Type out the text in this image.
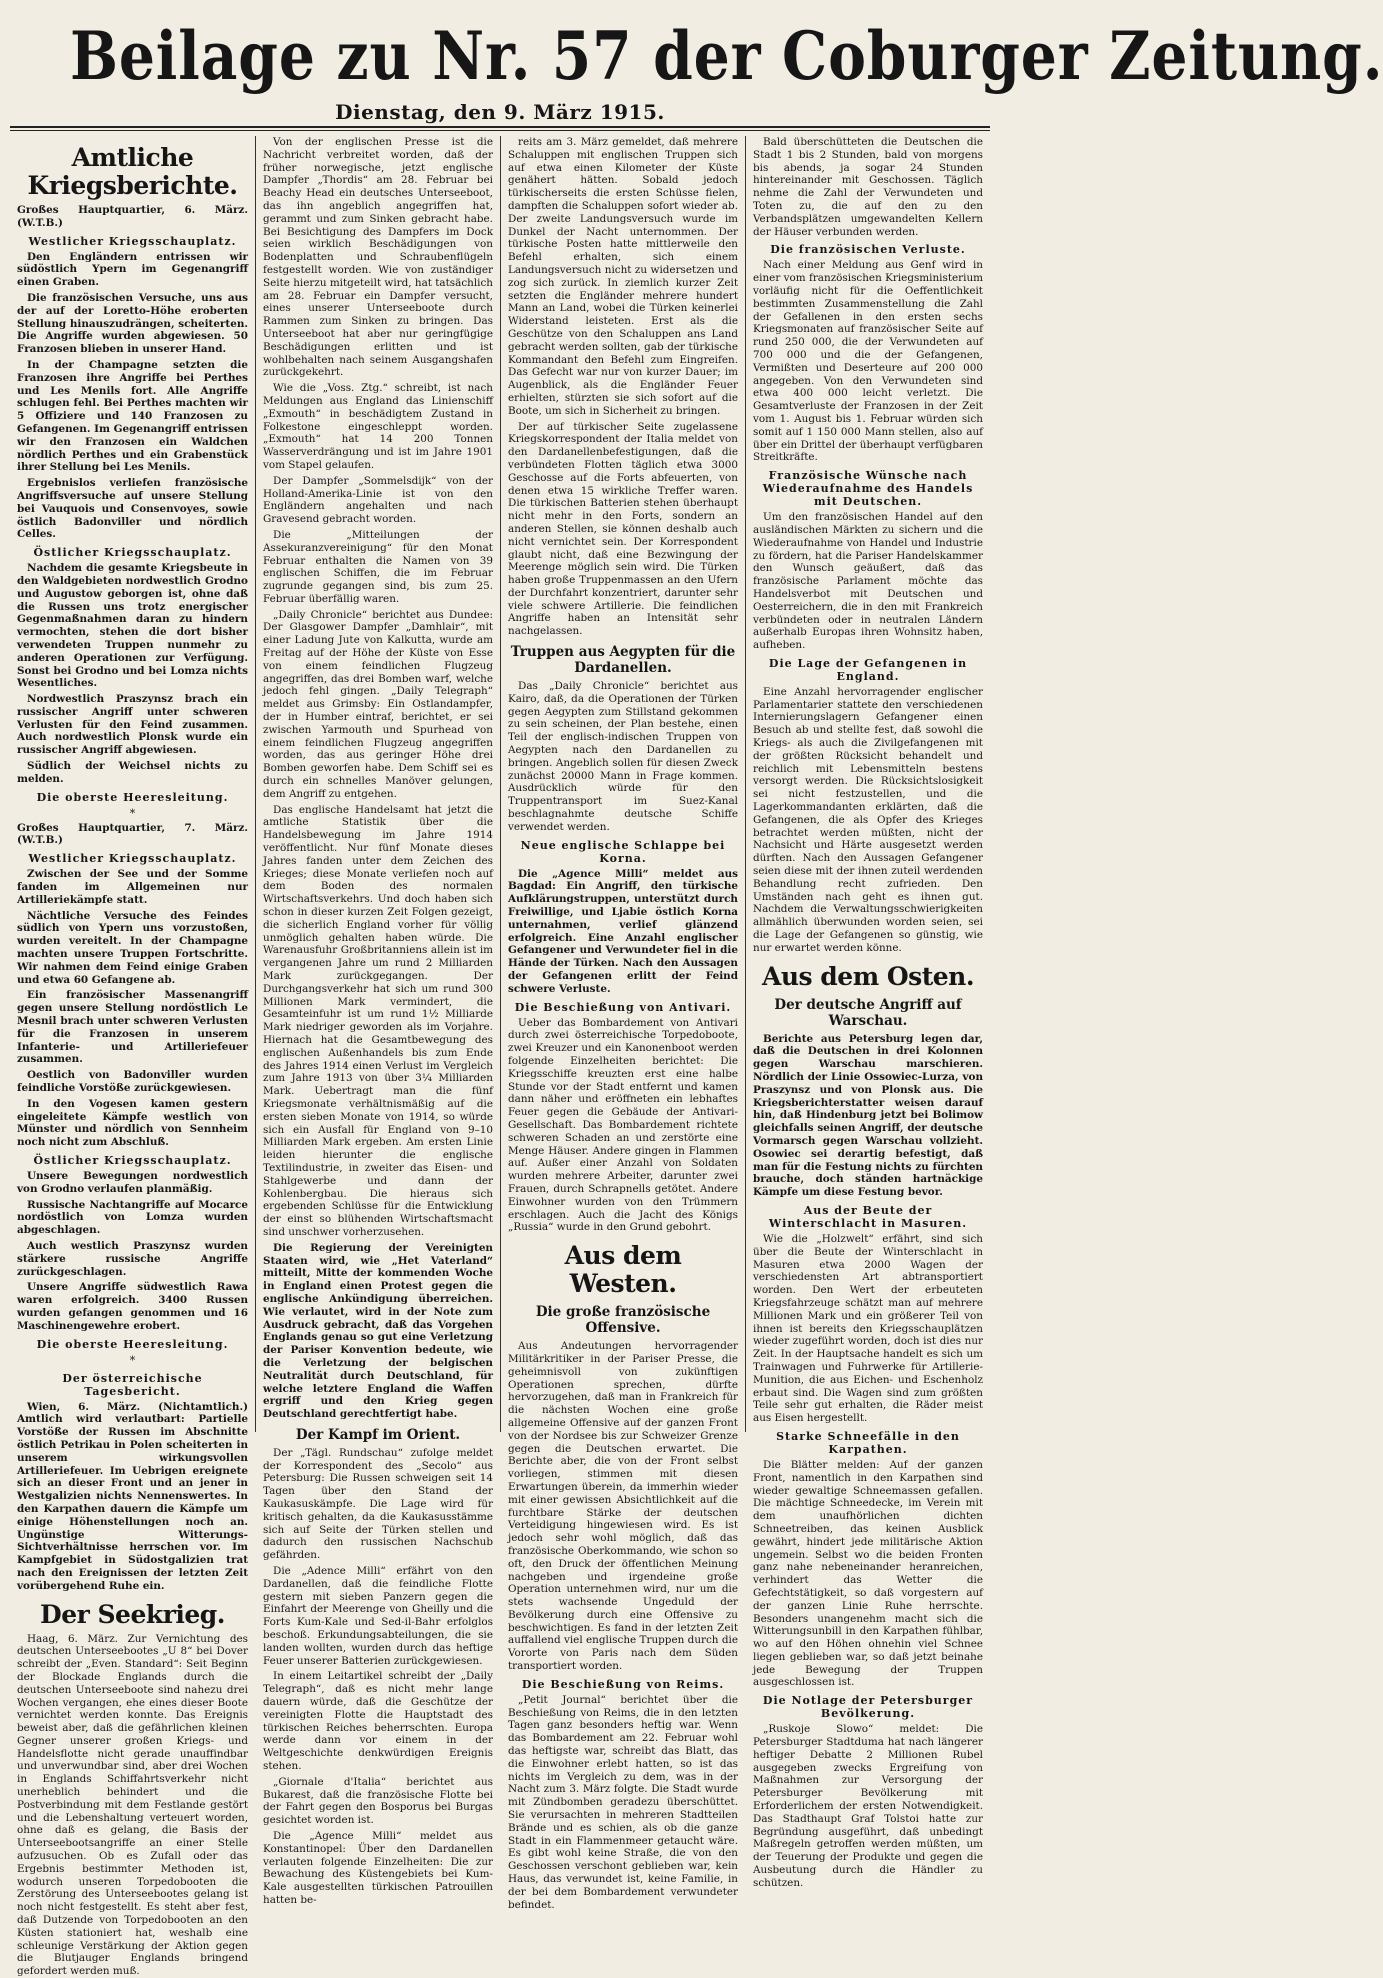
Beilage zu Nr. 57 der Coburger Zeitung.
Dienstag, den 9. März 1915.
Amtliche Kriegsberichte.

Großes Hauptquartier, 6. März. (W.T.B.)

Westlicher Kriegsschauplatz.

Den Engländern entrissen wir südöstlich Ypern im Gegenangriff einen Graben.

Die französischen Versuche, uns aus der auf der Loretto-Höhe eroberten Stellung hinauszudrängen, scheiterten. Die Angriffe wurden abgewiesen. 50 Franzosen blieben in unserer Hand.

In der Champagne setzten die Franzosen ihre Angriffe bei Perthes und Les Menils fort. Alle Angriffe schlugen fehl. Bei Perthes machten wir 5 Offiziere und 140 Franzosen zu Gefangenen. Im Gegenangriff entrissen wir den Franzosen ein Waldchen nördlich Perthes und ein Grabenstück ihrer Stellung bei Les Menils.

Ergebnislos verliefen französische Angriffsversuche auf unsere Stellung bei Vauquois und Consenvoyes, sowie östlich Badonviller und nördlich Celles.

Östlicher Kriegsschauplatz.

Nachdem die gesamte Kriegsbeute in den Waldgebieten nordwestlich Grodno und Augustow geborgen ist, ohne daß die Russen uns trotz energischer Gegenmaßnahmen daran zu hindern vermochten, stehen die dort bisher verwendeten Truppen nunmehr zu anderen Operationen zur Verfügung. Sonst bei Grodno und bei Lomza nichts Wesentliches.

Nordwestlich Praszynsz brach ein russischer Angriff unter schweren Verlusten für den Feind zusammen. Auch nordwestlich Plonsk wurde ein russischer Angriff abgewiesen.

Südlich der Weichsel nichts zu melden.

Die oberste Heeresleitung.
*

Großes Hauptquartier, 7. März. (W.T.B.)

Westlicher Kriegsschauplatz.

Zwischen der See und der Somme fanden im Allgemeinen nur Artilleriekämpfe statt.

Nächtliche Versuche des Feindes südlich von Ypern uns vorzustoßen, wurden vereitelt. In der Champagne machten unsere Truppen Fortschritte. Wir nahmen dem Feind einige Graben und etwa 60 Gefangene ab.

Ein französischer Massenangriff gegen unsere Stellung nordöstlich Le Mesnil brach unter schweren Verlusten für die Franzosen in unserem Infanterie- und Artilleriefeuer zusammen.

Oestlich von Badonviller wurden feindliche Vorstöße zurückgewiesen.

In den Vogesen kamen gestern eingeleitete Kämpfe westlich von Münster und nördlich von Sennheim noch nicht zum Abschluß.

Östlicher Kriegsschauplatz.

Unsere Bewegungen nordwestlich von Grodno verlaufen planmäßig.

Russische Nachtangriffe auf Mocarce nordöstlich von Lomza wurden abgeschlagen.

Auch westlich Praszynsz wurden stärkere russische Angriffe zurückgeschlagen.

Unsere Angriffe südwestlich Rawa waren erfolgreich. 3400 Russen wurden gefangen genommen und 16 Maschinengewehre erobert.

Die oberste Heeresleitung.
*
Der österreichische Tagesbericht.

Wien, 6. März. (Nichtamtlich.) Amtlich wird verlautbart: Partielle Vorstöße der Russen im Abschnitte östlich Petrikau in Polen scheiterten in unserem wirkungsvollen Artilleriefeuer. Im Uebrigen ereignete sich an dieser Front und an jener in Westgalizien nichts Nennenswertes. In den Karpathen dauern die Kämpfe um einige Höhenstellungen noch an. Ungünstige Witterungs-Sichtverhältnisse herrschen vor. Im Kampfgebiet in Südostgalizien trat nach den Ereignissen der letzten Zeit vorübergehend Ruhe ein.

Der Seekrieg.

Haag, 6. März. Zur Vernichtung des deutschen Unterseebootes „U 8“ bei Dover schreibt der „Even. Standard“: Seit Beginn der Blockade Englands durch die deutschen Unterseeboote sind nahezu drei Wochen vergangen, ehe eines dieser Boote vernichtet werden konnte. Das Ereignis beweist aber, daß die gefährlichen kleinen Gegner unserer großen Kriegs- und Handelsflotte nicht gerade unauffindbar und unverwundbar sind, aber drei Wochen in Englands Schiffahrtsverkehr nicht unerheblich behindert und die Postverbindung mit dem Festlande gestört und die Lebenshaltung verteuert worden, ohne daß es gelang, die Basis der Unterseebootsangriffe an einer Stelle aufzusuchen. Ob es Zufall oder das Ergebnis bestimmter Methoden ist, wodurch unseren Torpedobooten die Zerstörung des Unterseebootes gelang ist noch nicht festgestellt. Es steht aber fest, daß Dutzende von Torpedobooten an den Küsten stationiert hat, weshalb eine schleunige Verstärkung der Aktion gegen die Blutjauger Englands bringend gefordert werden muß.

Von der englischen Presse ist die Nachricht verbreitet worden, daß der früher norwegische, jetzt englische Dampfer „Thordis“ am 28. Februar bei Beachy Head ein deutsches Unterseeboot, das ihn angeblich angegriffen hat, gerammt und zum Sinken gebracht habe. Bei Besichtigung des Dampfers im Dock seien wirklich Beschädigungen von Bodenplatten und Schraubenflügeln festgestellt worden. Wie von zuständiger Seite hierzu mitgeteilt wird, hat tatsächlich am 28. Februar ein Dampfer versucht, eines unserer Unterseeboote durch Rammen zum Sinken zu bringen. Das Unterseeboot hat aber nur geringfügige Beschädigungen erlitten und ist wohlbehalten nach seinem Ausgangshafen zurückgekehrt.

Wie die „Voss. Ztg.“ schreibt, ist nach Meldungen aus England das Linienschiff „Exmouth“ in beschädigtem Zustand in Folkestone eingeschleppt worden. „Exmouth“ hat 14 200 Tonnen Wasserverdrängung und ist im Jahre 1901 vom Stapel gelaufen.

Der Dampfer „Sommelsdijk“ von der Holland-Amerika-Linie ist von den Engländern angehalten und nach Gravesend gebracht worden.

Die „Mitteilungen der Assekuranzvereinigung“ für den Monat Februar enthalten die Namen von 39 englischen Schiffen, die im Februar zugrunde gegangen sind, bis zum 25. Februar überfällig waren.

„Daily Chronicle“ berichtet aus Dundee: Der Glasgower Dampfer „Damhlair“, mit einer Ladung Jute von Kalkutta, wurde am Freitag auf der Höhe der Küste von Esse von einem feindlichen Flugzeug angegriffen, das drei Bomben warf, welche jedoch fehl gingen. „Daily Telegraph“ meldet aus Grimsby: Ein Ostlandampfer, der in Humber eintraf, berichtet, er sei zwischen Yarmouth und Spurhead von einem feindlichen Flugzeug angegriffen worden, das aus geringer Höhe drei Bomben geworfen habe. Dem Schiff sei es durch ein schnelles Manöver gelungen, dem Angriff zu entgehen.

Das englische Handelsamt hat jetzt die amtliche Statistik über die Handelsbewegung im Jahre 1914 veröffentlicht. Nur fünf Monate dieses Jahres fanden unter dem Zeichen des Krieges; diese Monate verliefen noch auf dem Boden des normalen Wirtschaftsverkehrs. Und doch haben sich schon in dieser kurzen Zeit Folgen gezeigt, die sicherlich England vorher für völlig unmöglich gehalten haben würde. Die Warenausfuhr Großbritanniens allein ist im vergangenen Jahre um rund 2 Milliarden Mark zurückgegangen. Der Durchgangsverkehr hat sich um rund 300 Millionen Mark vermindert, die Gesamteinfuhr ist um rund 1½ Milliarde Mark niedriger geworden als im Vorjahre. Hiernach hat die Gesamtbewegung des englischen Außenhandels bis zum Ende des Jahres 1914 einen Verlust im Vergleich zum Jahre 1913 von über 3¼ Milliarden Mark. Uebertragt man die fünf Kriegsmonate verhältnismäßig auf die ersten sieben Monate von 1914, so würde sich ein Ausfall für England von 9–10 Milliarden Mark ergeben. Am ersten Linie leiden hierunter die englische Textilindustrie, in zweiter das Eisen- und Stahlgewerbe und dann der Kohlenbergbau. Die hieraus sich ergebenden Schlüsse für die Entwicklung der einst so blühenden Wirtschaftsmacht sind unschwer vorherzusehen.

Die Regierung der Vereinigten Staaten wird, wie „Het Vaterland“ mitteilt, Mitte der kommenden Woche in England einen Protest gegen die englische Ankündigung überreichen. Wie verlautet, wird in der Note zum Ausdruck gebracht, daß das Vorgehen Englands genau so gut eine Verletzung der Pariser Konvention bedeute, wie die Verletzung der belgischen Neutralität durch Deutschland, für welche letztere England die Waffen ergriff und den Krieg gegen Deutschland gerechtfertigt habe.

Der Kampf im Orient.

Der „Tägl. Rundschau“ zufolge meldet der Korrespondent des „Secolo“ aus Petersburg: Die Russen schweigen seit 14 Tagen über den Stand der Kaukasuskämpfe. Die Lage wird für kritisch gehalten, da die Kaukasusstämme sich auf Seite der Türken stellen und dadurch den russischen Nachschub gefährden.

Die „Adence Milli“ erfährt von den Dardanellen, daß die feindliche Flotte gestern mit sieben Panzern gegen die Einfahrt der Meerenge von Gheilly und die Forts Kum-Kale und Sed-il-Bahr erfolglos beschoß. Erkundungsabteilungen, die sie landen wollten, wurden durch das heftige Feuer unserer Batterien zurückgewiesen.

In einem Leitartikel schreibt der „Daily Telegraph“, daß es nicht mehr lange dauern würde, daß die Geschütze der vereinigten Flotte die Hauptstadt des türkischen Reiches beherrschten. Europa werde dann vor einem in der Weltgeschichte denkwürdigen Ereignis stehen.

„Giornale d'Italia“ berichtet aus Bukarest, daß die französische Flotte bei der Fahrt gegen den Bosporus bei Burgas gesichtet worden ist.

Die „Agence Milli“ meldet aus Konstantinopel: Über den Dardanellen verlauten folgende Einzelheiten: Die zur Bewachung des Küstengebiets bei Kum-Kale ausgestellten türkischen Patrouillen hatten be-

reits am 3. März gemeldet, daß mehrere Schaluppen mit englischen Truppen sich auf etwa einen Kilometer der Küste genähert hätten. Sobald jedoch türkischerseits die ersten Schüsse fielen, dampften die Schaluppen sofort wieder ab. Der zweite Landungsversuch wurde im Dunkel der Nacht unternommen. Der türkische Posten hatte mittlerweile den Befehl erhalten, sich einem Landungsversuch nicht zu widersetzen und zog sich zurück. In ziemlich kurzer Zeit setzten die Engländer mehrere hundert Mann an Land, wobei die Türken keinerlei Widerstand leisteten. Erst als die Geschütze von den Schaluppen ans Land gebracht werden sollten, gab der türkische Kommandant den Befehl zum Eingreifen. Das Gefecht war nur von kurzer Dauer; im Augenblick, als die Engländer Feuer erhielten, stürzten sie sich sofort auf die Boote, um sich in Sicherheit zu bringen.

Der auf türkischer Seite zugelassene Kriegskorrespondent der Italia meldet von den Dardanellenbefestigungen, daß die verbündeten Flotten täglich etwa 3000 Geschosse auf die Forts abfeuerten, von denen etwa 15 wirkliche Treffer waren. Die türkischen Batterien stehen überhaupt nicht mehr in den Forts, sondern an anderen Stellen, sie können deshalb auch nicht vernichtet sein. Der Korrespondent glaubt nicht, daß eine Bezwingung der Meerenge möglich sein wird. Die Türken haben große Truppenmassen an den Ufern der Durchfahrt konzentriert, darunter sehr viele schwere Artillerie. Die feindlichen Angriffe haben an Intensität sehr nachgelassen.

Truppen aus Aegypten für die Dardanellen.

Das „Daily Chronicle“ berichtet aus Kairo, daß, da die Operationen der Türken gegen Aegypten zum Stillstand gekommen zu sein scheinen, der Plan bestehe, einen Teil der englisch-indischen Truppen von Aegypten nach den Dardanellen zu bringen. Angeblich sollen für diesen Zweck zunächst 20000 Mann in Frage kommen. Ausdrücklich würde für den Truppentransport im Suez-Kanal beschlagnahmte deutsche Schiffe verwendet werden.

Neue englische Schlappe bei Korna.

Die „Agence Milli“ meldet aus Bagdad: Ein Angriff, den türkische Aufklärungstruppen, unterstützt durch Freiwillige, und Ljabie östlich Korna unternahmen, verlief glänzend erfolgreich. Eine Anzahl englischer Gefangener und Verwundeter fiel in die Hände der Türken. Nach den Aussagen der Gefangenen erlitt der Feind schwere Verluste.

Die Beschießung von Antivari.

Ueber das Bombardement von Antivari durch zwei österreichische Torpedoboote, zwei Kreuzer und ein Kanonenboot werden folgende Einzelheiten berichtet: Die Kriegsschiffe kreuzten erst eine halbe Stunde vor der Stadt entfernt und kamen dann näher und eröffneten ein lebhaftes Feuer gegen die Gebäude der Antivari-Gesellschaft. Das Bombardement richtete schweren Schaden an und zerstörte eine Menge Häuser. Andere gingen in Flammen auf. Außer einer Anzahl von Soldaten wurden mehrere Arbeiter, darunter zwei Frauen, durch Schrapnells getötet. Andere Einwohner wurden von den Trümmern erschlagen. Auch die Jacht des Königs „Russia“ wurde in den Grund gebohrt.

Aus dem Westen.
Die große französische Offensive.

Aus Andeutungen hervorragender Militärkritiker in der Pariser Presse, die geheimnisvoll von zukünftigen Operationen sprechen, dürfte hervorzugehen, daß man in Frankreich für die nächsten Wochen eine große allgemeine Offensive auf der ganzen Front von der Nordsee bis zur Schweizer Grenze gegen die Deutschen erwartet. Die Berichte aber, die von der Front selbst vorliegen, stimmen mit diesen Erwartungen überein, da immerhin wieder mit einer gewissen Absichtlichkeit auf die furchtbare Stärke der deutschen Verteidigung hingewiesen wird. Es ist jedoch sehr wohl möglich, daß das französische Oberkommando, wie schon so oft, den Druck der öffentlichen Meinung nachgeben und irgendeine große Operation unternehmen wird, nur um die stets wachsende Ungeduld der Bevölkerung durch eine Offensive zu beschwichtigen. Es fand in der letzten Zeit auffallend viel englische Truppen durch die Vororte von Paris nach dem Süden transportiert worden.

Die Beschießung von Reims.

„Petit Journal“ berichtet über die Beschießung von Reims, die in den letzten Tagen ganz besonders heftig war. Wenn das Bombardement am 22. Februar wohl das heftigste war, schreibt das Blatt, das die Einwohner erlebt hatten, so ist das nichts im Vergleich zu dem, was in der Nacht zum 3. März folgte. Die Stadt wurde mit Zündbomben geradezu überschüttet. Sie verursachten in mehreren Stadtteilen Brände und es schien, als ob die ganze Stadt in ein Flammenmeer getaucht wäre. Es gibt wohl keine Straße, die von den Geschossen verschont geblieben war, kein Haus, das verwundet ist, keine Familie, in der bei dem Bombardement verwundeter befindet.

Bald überschütteten die Deutschen die Stadt 1 bis 2 Stunden, bald von morgens bis abends, ja sogar 24 Stunden hintereinander mit Geschossen. Täglich nehme die Zahl der Verwundeten und Toten zu, die auf den zu den Verbandsplätzen umgewandelten Kellern der Häuser verbunden werden.

Die französischen Verluste.

Nach einer Meldung aus Genf wird in einer vom französischen Kriegsministerium vorläufig nicht für die Oeffentlichkeit bestimmten Zusammenstellung die Zahl der Gefallenen in den ersten sechs Kriegsmonaten auf französischer Seite auf rund 250 000, die der Verwundeten auf 700 000 und die der Gefangenen, Vermißten und Deserteure auf 200 000 angegeben. Von den Verwundeten sind etwa 400 000 leicht verletzt. Die Gesamtverluste der Franzosen in der Zeit vom 1. August bis 1. Februar würden sich somit auf 1 150 000 Mann stellen, also auf über ein Drittel der überhaupt verfügbaren Streitkräfte.

Französische Wünsche nach Wiederaufnahme des Handels mit Deutschen.

Um den französischen Handel auf den ausländischen Märkten zu sichern und die Wiederaufnahme von Handel und Industrie zu fördern, hat die Pariser Handelskammer den Wunsch geäußert, daß das französische Parlament möchte das Handelsverbot mit Deutschen und Oesterreichern, die in den mit Frankreich verbündeten oder in neutralen Ländern außerhalb Europas ihren Wohnsitz haben, aufheben.

Die Lage der Gefangenen in England.

Eine Anzahl hervorragender englischer Parlamentarier stattete den verschiedenen Internierungslagern Gefangener einen Besuch ab und stellte fest, daß sowohl die Kriegs- als auch die Zivilgefangenen mit der größten Rücksicht behandelt und reichlich mit Lebensmitteln bestens versorgt werden. Die Rücksichtslosigkeit sei nicht festzustellen, und die Lagerkommandanten erklärten, daß die Gefangenen, die als Opfer des Krieges betrachtet werden müßten, nicht der Nachsicht und Härte ausgesetzt werden dürften. Nach den Aussagen Gefangener seien diese mit der ihnen zuteil werdenden Behandlung recht zufrieden. Den Umständen nach geht es ihnen gut. Nachdem die Verwaltungsschwierigkeiten allmählich überwunden worden seien, sei die Lage der Gefangenen so günstig, wie nur erwartet werden könne.

Aus dem Osten.
Der deutsche Angriff auf Warschau.

Berichte aus Petersburg legen dar, daß die Deutschen in drei Kolonnen gegen Warschau marschieren. Nördlich der Linie Ossowiec-Lurza, von Praszynsz und von Plonsk aus. Die Kriegsberichterstatter weisen darauf hin, daß Hindenburg jetzt bei Bolimow gleichfalls seinen Angriff, der deutsche Vormarsch gegen Warschau vollzieht. Osowiec sei derartig befestigt, daß man für die Festung nichts zu fürchten brauche, doch ständen hartnäckige Kämpfe um diese Festung bevor.

Aus der Beute der Winterschlacht in Masuren.

Wie die „Holzwelt“ erfährt, sind sich über die Beute der Winterschlacht in Masuren etwa 2000 Wagen der verschiedensten Art abtransportiert worden. Den Wert der erbeuteten Kriegsfahrzeuge schätzt man auf mehrere Millionen Mark und ein größerer Teil von ihnen ist bereits den Kriegsschauplätzen wieder zugeführt worden, doch ist dies nur Zeit. In der Hauptsache handelt es sich um Trainwagen und Fuhrwerke für Artillerie-Munition, die aus Eichen- und Eschenholz erbaut sind. Die Wagen sind zum größten Teile sehr gut erhalten, die Räder meist aus Eisen hergestellt.

Starke Schneefälle in den Karpathen.

Die Blätter melden: Auf der ganzen Front, namentlich in den Karpathen sind wieder gewaltige Schneemassen gefallen. Die mächtige Schneedecke, im Verein mit dem unaufhörlichen dichten Schneetreiben, das keinen Ausblick gewährt, hindert jede militärische Aktion ungemein. Selbst wo die beiden Fronten ganz nahe nebeneinander heranreichen, verhindert das Wetter die Gefechtstätigkeit, so daß vorgestern auf der ganzen Linie Ruhe herrschte. Besonders unangenehm macht sich die Witterungsunbill in den Karpathen fühlbar, wo auf den Höhen ohnehin viel Schnee liegen geblieben war, so daß jetzt beinahe jede Bewegung der Truppen ausgeschlossen ist.

Die Notlage der Petersburger Bevölkerung.

„Ruskoje Slowo“ meldet: Die Petersburger Stadtduma hat nach längerer heftiger Debatte 2 Millionen Rubel ausgegeben zwecks Ergreifung von Maßnahmen zur Versorgung der Petersburger Bevölkerung mit Erforderlichem der ersten Notwendigkeit. Das Stadthaupt Graf Tolstoi hatte zur Begründung ausgeführt, daß unbedingt Maßregeln getroffen werden müßten, um der Teuerung der Produkte und gegen die Ausbeutung durch die Händler zu schützen.
